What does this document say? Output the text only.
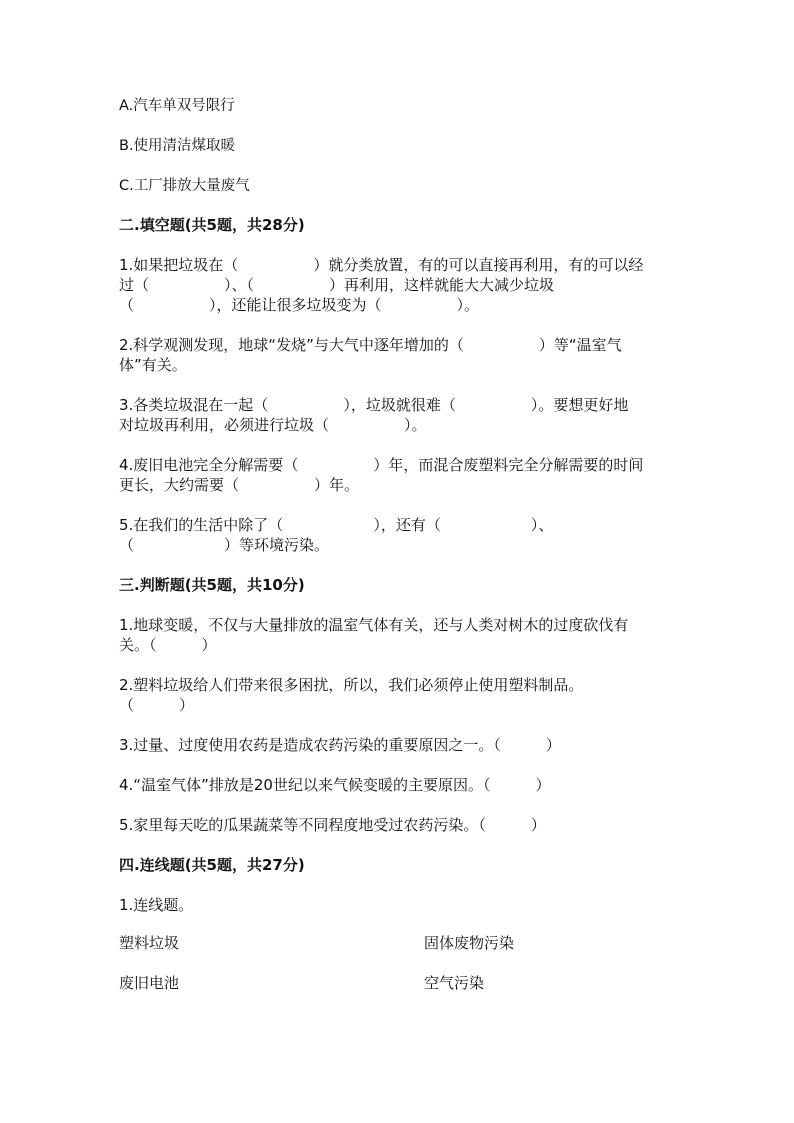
A.汽车单双号限行
B.使用清洁煤取暖
C.工厂排放大量废气
二.填空题(共5题，共28分)
1.如果把垃圾在（　　　　　）就分类放置，有的可以直接再利用，有的可以经
过（　　　　　）、（　　　　　）再利用，这样就能大大减少垃圾
（　　　　　），还能让很多垃圾变为（　　　　　）。
2.科学观测发现，地球“发烧”与大气中逐年增加的（　　　　　）等“温室气
体”有关。
3.各类垃圾混在一起（　　　　　），垃圾就很难（　　　　　）。要想更好地
对垃圾再利用，必须进行垃圾（　　　　　）。
4.废旧电池完全分解需要（　　　　　）年，而混合废塑料完全分解需要的时间
更长，大约需要（　　　　　）年。
5.在我们的生活中除了（　　　　　　），还有（　　　　　　）、
（　　　　　　）等环境污染。
三.判断题(共5题，共10分)
1.地球变暖，不仅与大量排放的温室气体有关，还与人类对树木的过度砍伐有
关。（　　　）
2.塑料垃圾给人们带来很多困扰，所以，我们必须停止使用塑料制品。
（　　　）
3.过量、过度使用农药是造成农药污染的重要原因之一。（　　　）
4.“温室气体”排放是20世纪以来气候变暖的主要原因。（　　　）
5.家里每天吃的瓜果蔬菜等不同程度地受过农药污染。（　　　）
四.连线题(共5题，共27分)
1.连线题。
塑料垃圾	固体废物污染
废旧电池	空气污染
